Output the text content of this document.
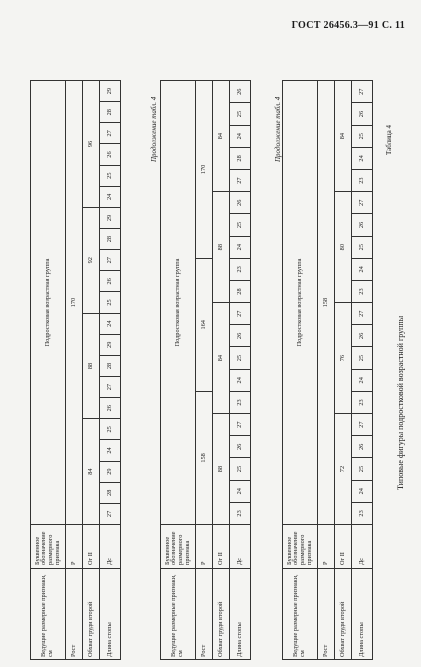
ГОСТ 26456.3—91 С. 11
Таблица 4
Типовые фигуры подростковой возрастной группы
Ведущие размерные признаки, см	Буквенное обозначение размерного признака	Подростковая возрастная группа																			
Рост	Р	158																			
Обхват груди второй	Ог II	72					76					80					84				
Длина стопы	Дс	23	24	25	26	27	23	24	25	26	27	23	24	25	26	27	23	24	25	26	27
Продолжение табл. 4
Ведущие размерные признаки, см	Буквенное обозначение размерного признака	Подростковая возрастная группа																			
Рост	Р	158						164						170							
Обхват груди второй	Ог II	88					84					88					84				
Длина стопы	Дс	23	24	25	26	27	23	24	25	26	27	28	23	24	25	26	27	28	24	25	26
Продолжение табл. 4
Ведущие размерные признаки, см	Буквенное обозначение размерного признака	Подростковая возрастная группа																				
Рост	Р	170																				
Обхват груди второй	Ог II	84					88					92					96					
Длина стопы	Дс	27	28	29	24	25	26	27	28	29	24	25	26	27	28	29	24	25	26	27	28	29
